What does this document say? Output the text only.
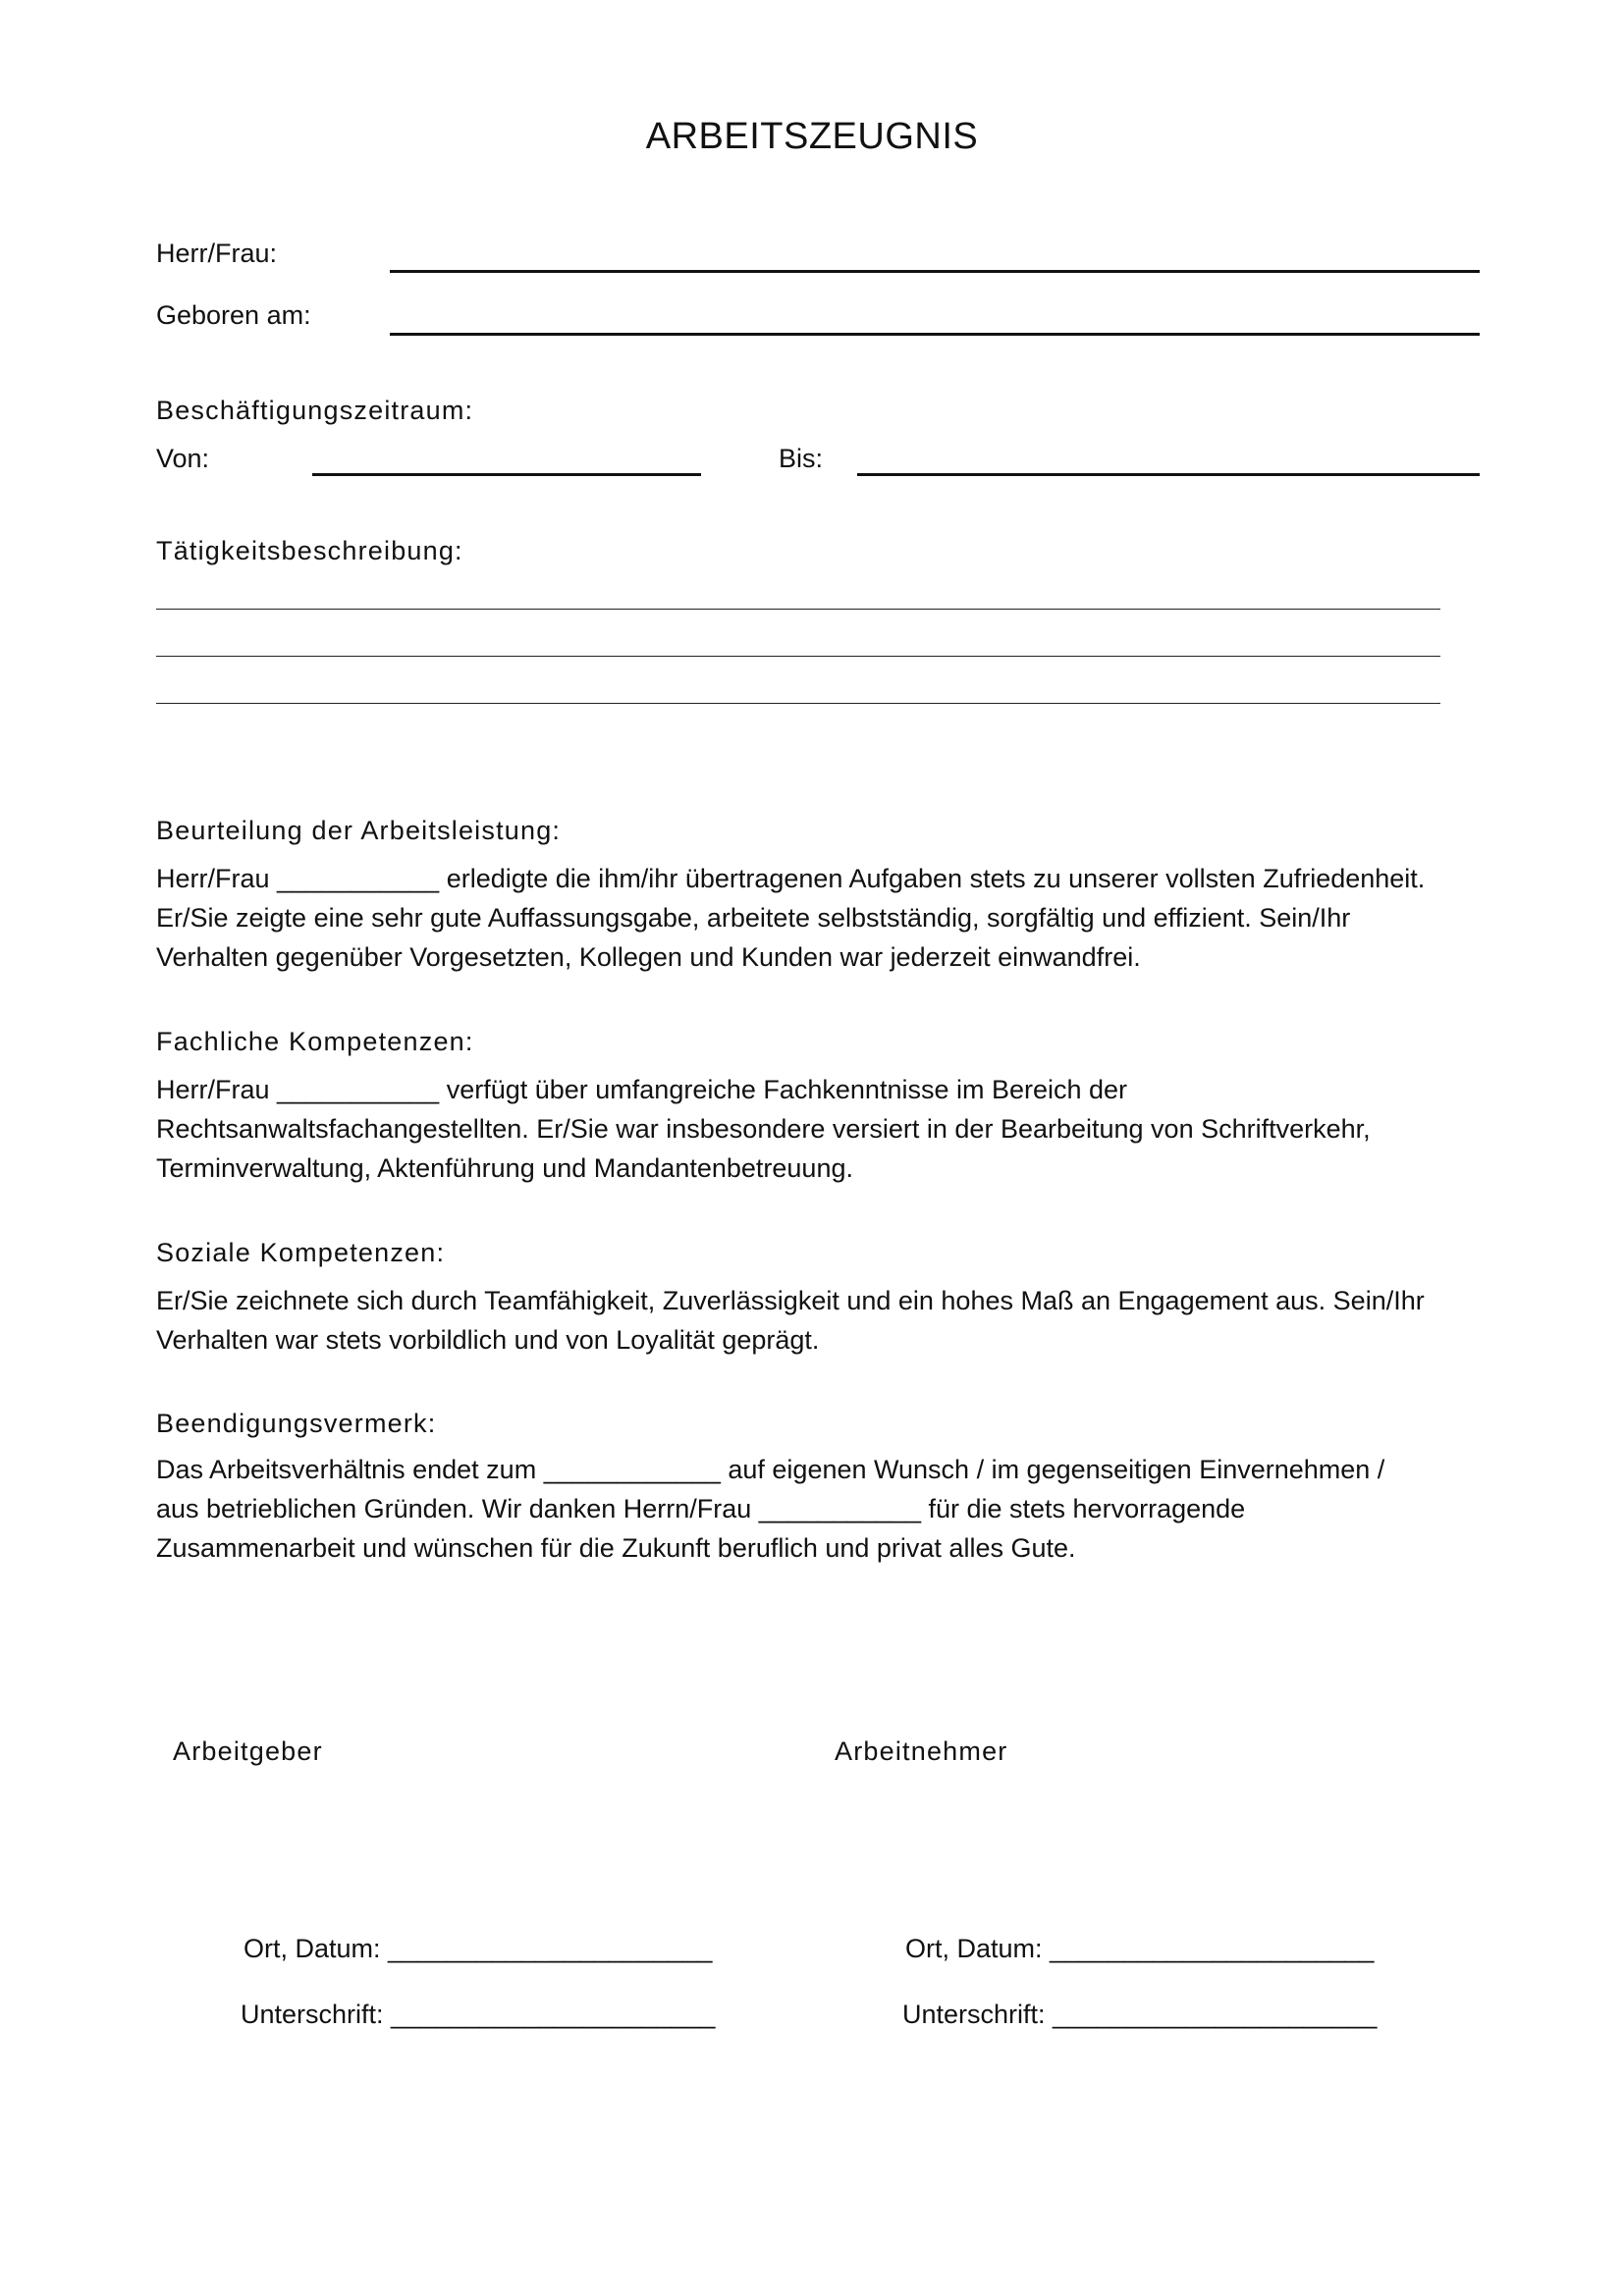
ARBEITSZEUGNIS
Herr/Frau:
Geboren am:
Beschäftigungszeitraum:
Von:	Bis:
Tätigkeitsbeschreibung:
Beurteilung der Arbeitsleistung:
Herr/Frau ___________ erledigte die ihm/ihr übertragenen Aufgaben stets zu unserer vollsten Zufriedenheit.
Er/Sie zeigte eine sehr gute Auffassungsgabe, arbeitete selbstständig, sorgfältig und effizient. Sein/Ihr
Verhalten gegenüber Vorgesetzten, Kollegen und Kunden war jederzeit einwandfrei.
Fachliche Kompetenzen:
Herr/Frau ___________ verfügt über umfangreiche Fachkenntnisse im Bereich der
Rechtsanwaltsfachangestellten. Er/Sie war insbesondere versiert in der Bearbeitung von Schriftverkehr,
Terminverwaltung, Aktenführung und Mandantenbetreuung.
Soziale Kompetenzen:
Er/Sie zeichnete sich durch Teamfähigkeit, Zuverlässigkeit und ein hohes Maß an Engagement aus. Sein/Ihr
Verhalten war stets vorbildlich und von Loyalität geprägt.
Beendigungsvermerk:
Das Arbeitsverhältnis endet zum ____________ auf eigenen Wunsch / im gegenseitigen Einvernehmen /
aus betrieblichen Gründen. Wir danken Herrn/Frau ___________ für die stets hervorragende
Zusammenarbeit und wünschen für die Zukunft beruflich und privat alles Gute.
Arbeitgeber	Arbeitnehmer
Ort, Datum: ______________________
Unterschrift: ______________________
Ort, Datum: ______________________
Unterschrift: ______________________
